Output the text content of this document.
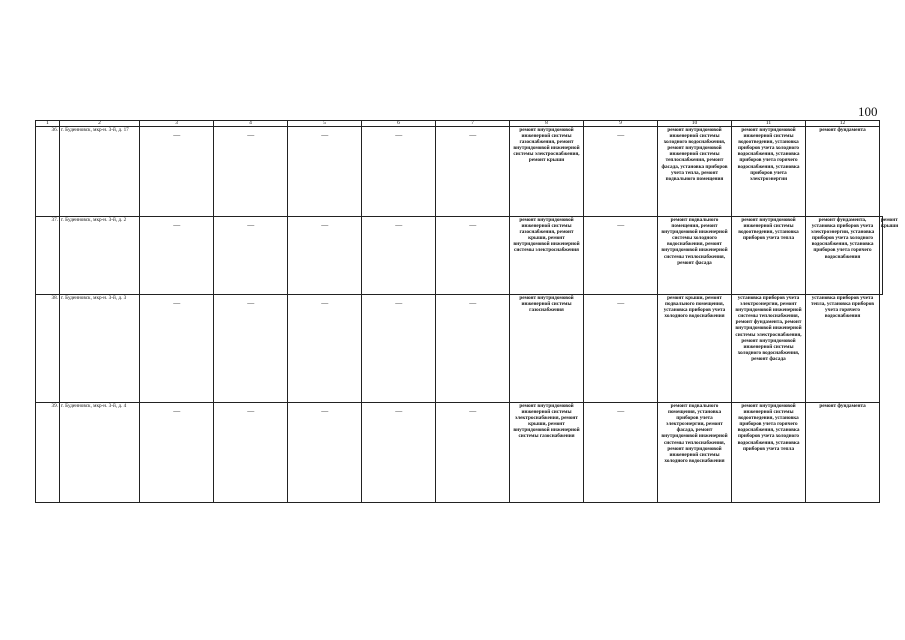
100
1	2	3	4	5	6	7	8	9	10	11	12	
36.	г. Буденновск, мкр-н. 3-й, д. 17	—	—	—	—	—	ремонт внутридомовой инженерной системы газоснабжения, ремонт внутридомовой инженерной системы электроснабжения, ремонт крыши	—	ремонт внутридомовой инженерной системы холодного водоснабжения, ремонт внутридомовой инженерной системы теплоснабжения, ремонт фасада, установка приборов учета тепла, ремонт подвального помещения	ремонт внутридомовой инженерной системы водоотведения, установка приборов учета холодного водоснабжения, установка приборов учета горячего водоснабжения, установка приборов учета электроэнергии	ремонт фундамента	
37.	г. Буденновск, мкр-н. 3-й, д. 2	—	—	—	—	—	ремонт внутридомовой инженерной системы газоснабжения, ремонт крыши, ремонт внутридомовой инженерной системы электроснабжения	—	ремонт подвального помещения, ремонт внутридомовой инженерной системы холодного водоснабжения, ремонт внутридомовой инженерной системы теплоснабжения, ремонт фасада	ремонт внутридомовой инженерной системы водоотведения, установка приборов учета тепла	ремонт фундамента, установка приборов учета электроэнергии, установка приборов учета холодного водоснабжения, установка приборов учета горячего водоснабжения	ремонт крыши
38.	г. Буденновск, мкр-н. 3-й, д. 3	—	—	—	—	—	ремонт внутридомовой инженерной системы газоснабжения	—	ремонт крыши, ремонт подвального помещения, установка приборов учета холодного водоснабжения	установка приборов учета электроэнергии, ремонт внутридомовой инженерной системы теплоснабжения, ремонт фундамента, ремонт внутридомовой инженерной системы электроснабжения, ремонт внутридомовой инженерной системы холодного водоснабжения, ремонт фасада	установка приборов учета тепла, установка приборов учета горячего водоснабжения	
39.	г. Буденновск, мкр-н. 3-й, д. 4	—	—	—	—	—	ремонт внутридомовой инженерной системы электроснабжения, ремонт крыши, ремонт внутридомовой инженерной системы газоснабжения	—	ремонт подвального помещения, установка приборов учета электроэнергии, ремонт фасада, ремонт внутридомовой инженерной системы теплоснабжения, ремонт внутридомовой инженерной системы холодного водоснабжения	ремонт внутридомовой инженерной системы водоотведения, установка приборов учета горячего водоснабжения, установка приборов учета холодного водоснабжения, установка приборов учета тепла	ремонт фундамента	
